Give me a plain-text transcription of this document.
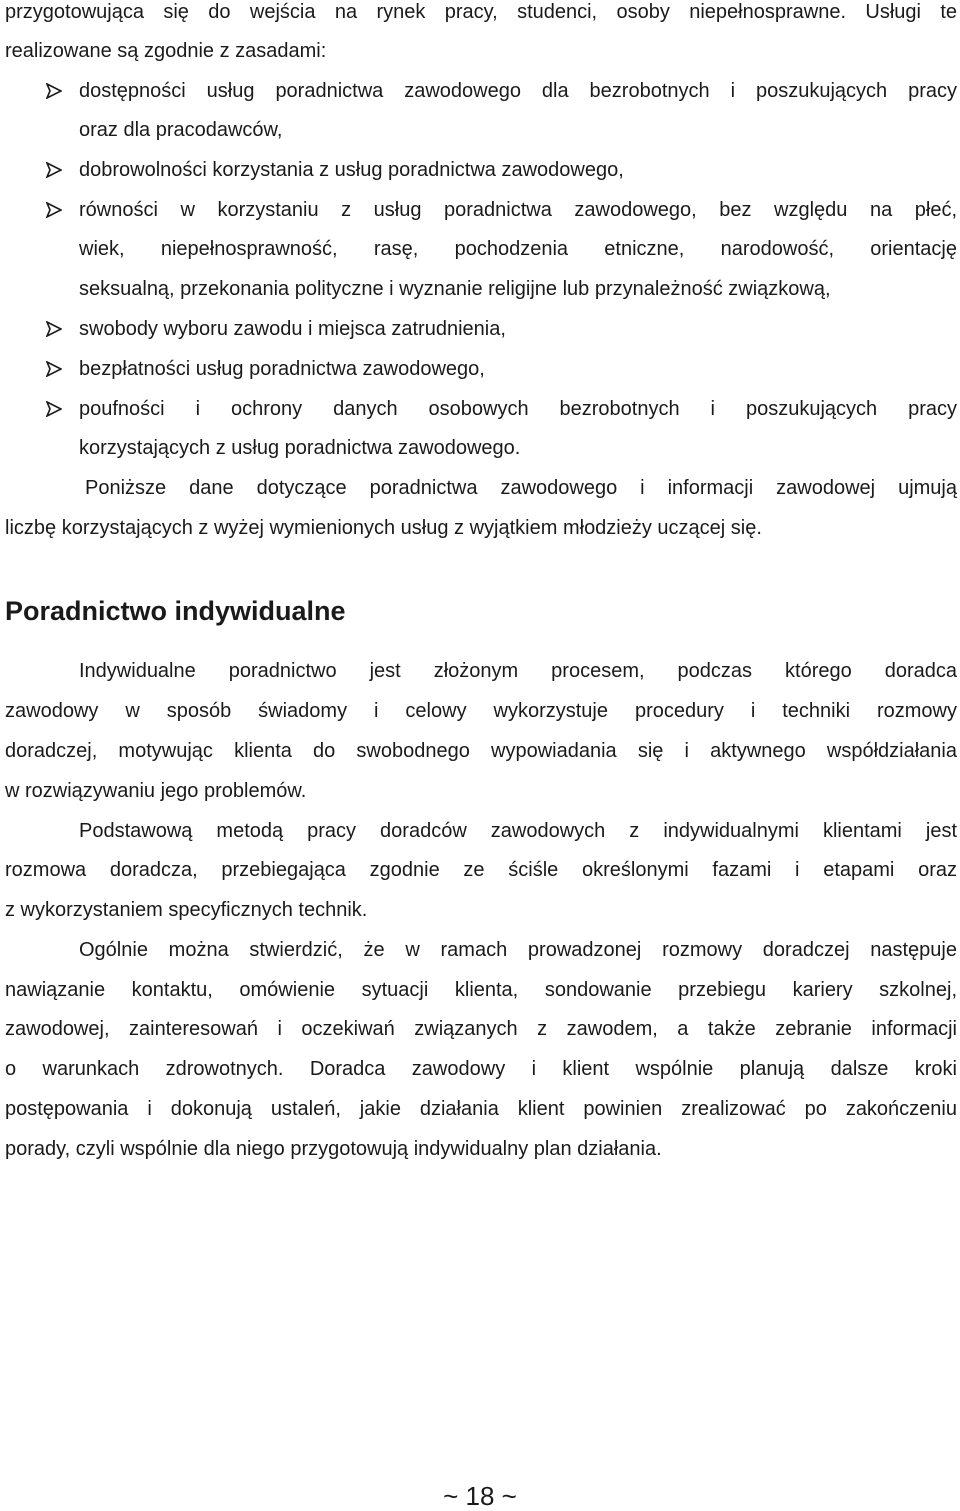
przygotowująca się do wejścia na rynek pracy, studenci, osoby niepełnosprawne. Usługi te
realizowane są zgodnie z zasadami:
dostępności usług poradnictwa zawodowego dla bezrobotnych i poszukujących pracy
oraz dla pracodawców,
dobrowolności korzystania z usług poradnictwa zawodowego,
równości w korzystaniu z usług poradnictwa zawodowego, bez względu na płeć,
wiek, niepełnosprawność, rasę, pochodzenia etniczne, narodowość, orientację
seksualną, przekonania polityczne i wyznanie religijne lub przynależność związkową,
swobody wyboru zawodu i miejsca zatrudnienia,
bezpłatności usług poradnictwa zawodowego,
poufności i ochrony danych osobowych bezrobotnych i poszukujących pracy
korzystających z usług poradnictwa zawodowego.
Poniższe dane dotyczące poradnictwa zawodowego i informacji zawodowej ujmują
liczbę korzystających z wyżej wymienionych usług z wyjątkiem młodzieży uczącej się.
Poradnictwo indywidualne
Indywidualne poradnictwo jest złożonym procesem, podczas którego doradca
zawodowy w sposób świadomy i celowy wykorzystuje procedury i techniki rozmowy
doradczej, motywując klienta do swobodnego wypowiadania się i aktywnego współdziałania
w rozwiązywaniu jego problemów.
Podstawową metodą pracy doradców zawodowych z indywidualnymi klientami jest
rozmowa doradcza, przebiegająca zgodnie ze ściśle określonymi fazami i etapami oraz
z wykorzystaniem specyficznych technik.
Ogólnie można stwierdzić, że w ramach prowadzonej rozmowy doradczej następuje
nawiązanie kontaktu, omówienie sytuacji klienta, sondowanie przebiegu kariery szkolnej,
zawodowej, zainteresowań i oczekiwań związanych z zawodem, a także zebranie informacji
o warunkach zdrowotnych. Doradca zawodowy i klient wspólnie planują dalsze kroki
postępowania i dokonują ustaleń, jakie działania klient powinien zrealizować po zakończeniu
porady, czyli wspólnie dla niego przygotowują indywidualny plan działania.
~ 18 ~
